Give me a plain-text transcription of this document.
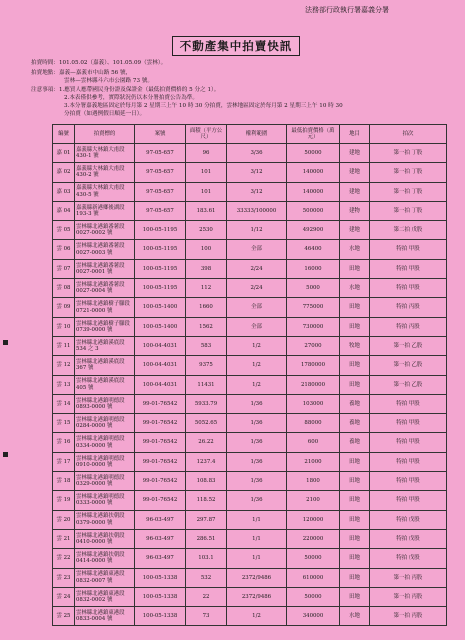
法務部行政執行署嘉義分署
不動產集中拍賣快訊
拍賣時間：101.05.02（嘉義）、101.05.09（雲林）。
拍賣地點：嘉義—嘉義市中山路 56 號，
雲林—雲林縣斗六市公園路 73 號。
注意事項：1.應買人應帶國民身份證及保證金（最低拍賣價格的 5 分之 1）。
2.本表僅供參考，實際狀況仍以本分署拍賣公告為準。
3.本分署嘉義地區固定於每月第 2 星期三上午 10 時 30 分拍賣，雲林地區固定於每月第 2 星期三上午 10 時 30
分拍賣（如遇例假日順延一日）。
編號	拍賣標的	案號	面積（平方公尺）	權利範圍	最低拍賣價格（萬元）	地目	拍次
嘉 01	嘉義縣大林鎮大甫段 430-1 號	97-05-657	96	3/36	50000	建地	第一拍 丁股
嘉 02	嘉義縣大林鎮大甫段 430-2 號	97-05-657	101	3/12	140000	建地	第一拍 丁股
嘉 03	嘉義縣大林鎮大甫段 430-5 號	97-05-657	101	3/12	140000	建地	第一拍 丁股
嘉 04	嘉義縣新港鄉後湖段 193-3 號	97-05-657	183.61	33333/100000	500000	建物	第一拍 丁股
雲 05	雲林縣北港鎮番薯段 0027-0002 號	100-05-1195	2530	1/12	492900	建地	第二拍 戊股
雲 06	雲林縣北港鎮番薯段 0027-0003 號	100-05-1195	100	全部	46400	水地	特拍 甲股
雲 07	雲林縣北港鎮番薯段 0027-0001 號	100-05-1195	398	2/24	16000	田地	特拍 甲股
雲 08	雲林縣北港鎮番薯段 0027-0004 號	100-05-1195	112	2/24	5000	水地	特拍 甲股
雲 09	雲林縣北港鎮樹子腳段 0721-0000 號	100-05-1400	1660	全部	775000	田地	特拍 丙股
雲 10	雲林縣北港鎮樹子腳段 0739-0000 號	100-05-1400	1562	全部	730000	田地	特拍 丙股
雲 11	雲林縣北港鎮溪底段 534 之 3	100-04-4031	583	1/2	27000	牧地	第一拍 乙股
雲 12	雲林縣北港鎮溪底段 367 號	100-04-4031	9375	1/2	1780000	田地	第一拍 乙股
雲 13	雲林縣北港鎮溪底段 405 號	100-04-4031	11431	1/2	2180000	田地	第一拍 乙股
雲 14	雲林縣北港鎮明德段 0893-0000 號	99-01-76542	5933.79	1/36	103000	養地	特拍 甲股
雲 15	雲林縣北港鎮明德段 0284-0000 號	99-01-76542	5052.65	1/36	88000	養地	特拍 甲股
雲 16	雲林縣北港鎮明德段 0334-0000 號	99-01-76542	26.22	1/36	600	養地	特拍 甲股
雲 17	雲林縣北港鎮明德段 0910-0000 號	99-01-76542	1237.4	1/36	21000	田地	特拍 甲股
雲 18	雲林縣北港鎮明德段 0329-0000 號	99-01-76542	108.83	1/36	1800	田地	特拍 甲股
雲 19	雲林縣北港鎮明德段 0333-0000 號	99-01-76542	118.52	1/36	2100	田地	特拍 甲股
雲 20	雲林縣北港鎮扶朝段 0379-0000 號	96-03-497	297.87	1/1	120000	田地	特拍 戊股
雲 21	雲林縣北港鎮扶朝段 0410-0000 號	96-03-497	286.51	1/1	220000	田地	特拍 戊股
雲 22	雲林縣北港鎮扶朝段 0414-0000 號	96-03-497	103.1	1/1	50000	田地	特拍 戊股
雲 23	雲林縣北港鎮東港段 0832-0007 號	100-05-1338	532	2372/9486	610000	田地	第一拍 丙股
雲 24	雲林縣北港鎮東港段 0832-0002 號	100-05-1338	22	2372/9486	50000	田地	第一拍 丙股
雲 25	雲林縣北港鎮東港段 0833-0004 號	100-05-1338	73	1/2	340000	水地	第一拍 丙股
